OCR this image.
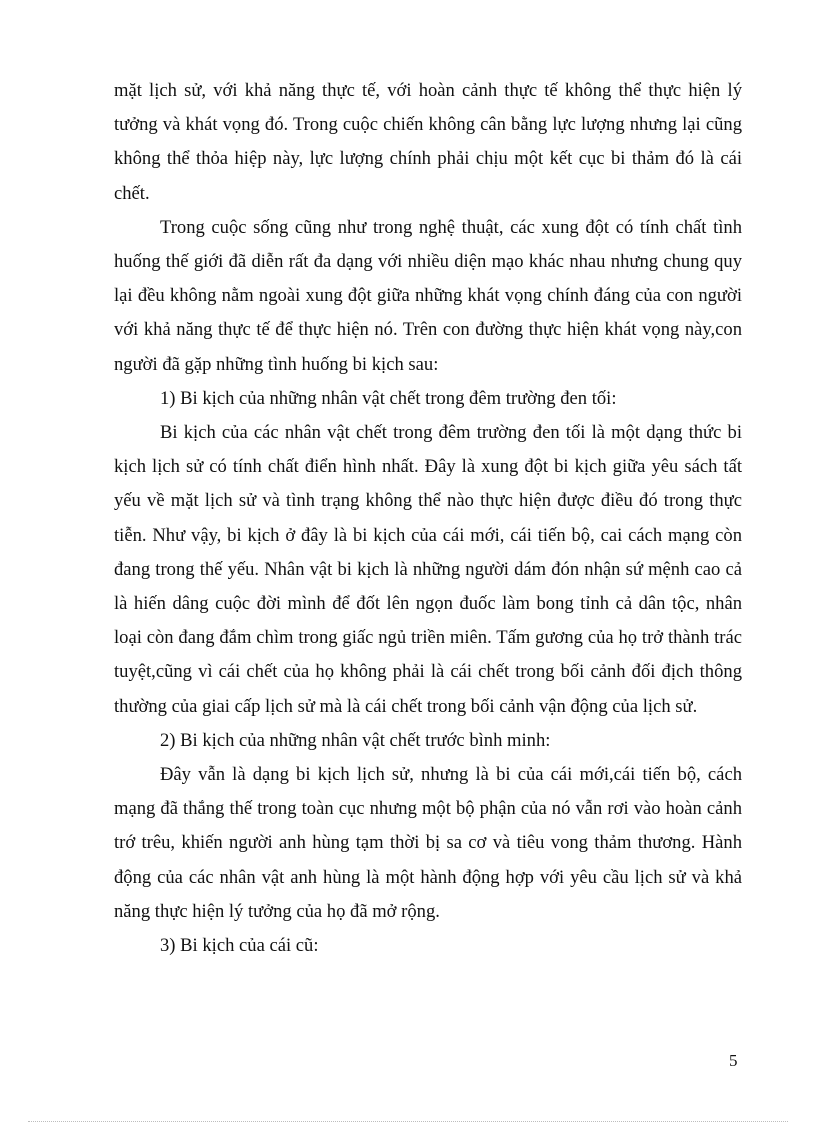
mặt lịch sử, với khả năng thực tế, với hoàn cảnh thực tế không thể thực hiện lý tưởng và khát vọng đó. Trong cuộc chiến không cân bằng lực lượng nhưng lại cũng không thể thỏa hiệp này, lực lượng chính phải chịu một kết cục bi thảm đó là cái chết.

Trong cuộc sống cũng như trong nghệ thuật, các xung đột có tính chất tình huống thế giới đã diễn rất đa dạng với nhiều diện mạo khác nhau nhưng chung quy lại đều không nằm ngoài xung đột giữa những khát vọng chính đáng của con người với khả năng thực tế để thực hiện nó. Trên con đường thực hiện khát vọng này,con người đã gặp những tình huống bi kịch sau:

1) Bi kịch của những nhân vật chết trong đêm trường đen tối:

Bi kịch của các nhân vật chết trong đêm trường đen tối là một dạng thức bi kịch lịch sử có tính chất điển hình nhất. Đây là xung đột bi kịch giữa yêu sách tất yếu về mặt lịch sử và tình trạng không thể nào thực hiện được điều đó trong thực tiễn. Như vậy, bi kịch ở đây là bi kịch của cái mới, cái tiến bộ, cai cách mạng còn đang trong thế yếu. Nhân vật bi kịch là những người dám đón nhận sứ mệnh cao cả là hiến dâng cuộc đời mình để đốt lên ngọn đuốc làm bong tỉnh cả dân tộc, nhân loại còn đang đắm chìm trong giấc ngủ triền miên. Tấm gương của họ trở thành trác tuyệt,cũng vì cái chết của họ không phải là cái chết trong bối cảnh đối địch thông thường của giai cấp lịch sử mà là cái chết trong bối cảnh vận động của lịch sử.

2) Bi kịch của những nhân vật chết trước bình minh:

Đây vẫn là dạng bi kịch lịch sử, nhưng là bi của cái mới,cái tiến bộ, cách mạng đã thắng thế trong toàn cục nhưng một bộ phận của nó vẫn rơi vào hoàn cảnh trớ trêu, khiến người anh hùng tạm thời bị sa cơ và tiêu vong thảm thương. Hành động của các nhân vật anh hùng là một hành động hợp với yêu cầu lịch sử và khả năng thực hiện lý tưởng của họ đã mở rộng.

3) Bi kịch của cái cũ:

5
